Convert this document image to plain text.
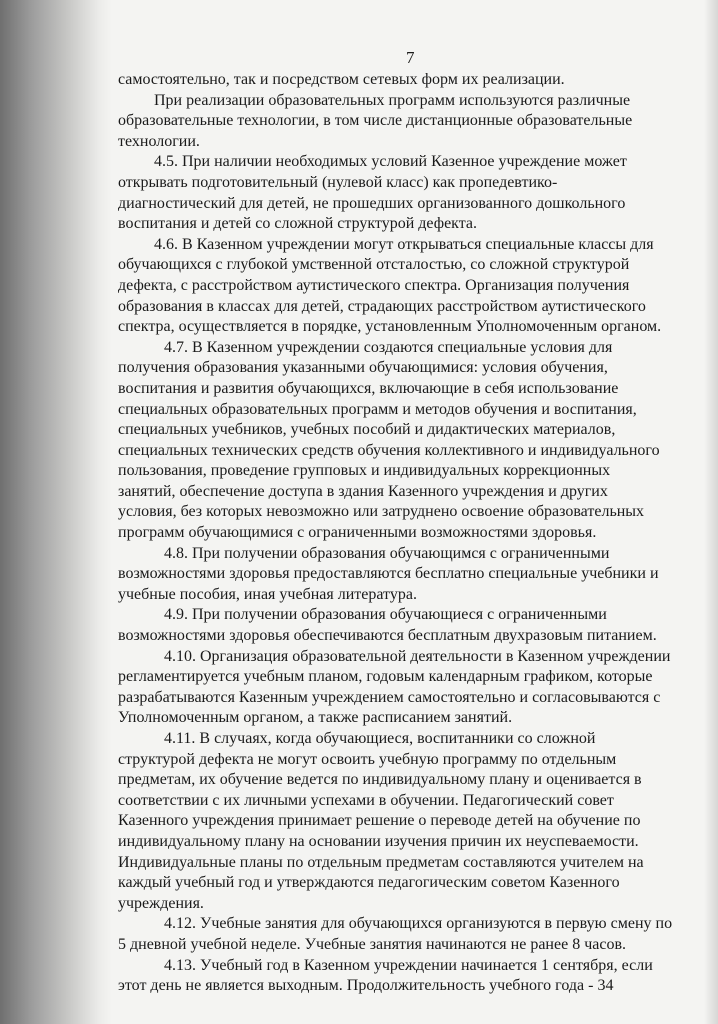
7

самостоятельно, так и посредством сетевых форм их реализации.

При реализации образовательных программ используются различные

образовательные технологии, в том числе дистанционные образовательные

технологии.

4.5. При наличии необходимых условий Казенное учреждение может

открывать подготовительный (нулевой класс) как пропедевтико-

диагностический для детей, не прошедших организованного дошкольного

воспитания и детей со сложной структурой дефекта.

4.6. В Казенном учреждении могут открываться специальные классы для

обучающихся с глубокой умственной отсталостью, со сложной структурой

дефекта, с расстройством аутистического спектра. Организация получения

образования в классах для детей, страдающих расстройством аутистического

спектра, осуществляется в порядке, установленным Уполномоченным органом.

4.7. В Казенном учреждении создаются специальные условия для

получения образования указанными обучающимися: условия обучения,

воспитания и развития обучающихся, включающие в себя использование

специальных образовательных программ и методов обучения и воспитания,

специальных учебников, учебных пособий и дидактических материалов,

специальных технических средств обучения коллективного и индивидуального

пользования, проведение групповых и индивидуальных коррекционных

занятий, обеспечение доступа в здания Казенного учреждения и других

условия, без которых невозможно или затруднено освоение образовательных

программ обучающимися с ограниченными возможностями здоровья.

4.8. При получении образования обучающимся с ограниченными

возможностями здоровья предоставляются бесплатно специальные учебники и

учебные пособия, иная учебная литература.

4.9. При получении образования обучающиеся с ограниченными

возможностями здоровья обеспечиваются бесплатным двухразовым питанием.

4.10. Организация образовательной деятельности в Казенном учреждении

регламентируется учебным планом, годовым календарным графиком, которые

разрабатываются Казенным учреждением самостоятельно и согласовываются с

Уполномоченным органом, а также расписанием занятий.

4.11. В случаях, когда обучающиеся, воспитанники со сложной

структурой дефекта не могут освоить учебную программу по отдельным

предметам, их обучение ведется по индивидуальному плану и оценивается в

соответствии с их личными успехами в обучении. Педагогический совет

Казенного учреждения принимает решение о переводе детей на обучение по

индивидуальному плану на основании изучения причин их неуспеваемости.

Индивидуальные планы по отдельным предметам составляются учителем на

каждый учебный год и утверждаются педагогическим советом Казенного

учреждения.

4.12. Учебные занятия для обучающихся организуются в первую смену по

5 дневной учебной неделе. Учебные занятия начинаются не ранее 8 часов.

4.13. Учебный год в Казенном учреждении начинается 1 сентября, если

этот день не является выходным. Продолжительность учебного года - 34
